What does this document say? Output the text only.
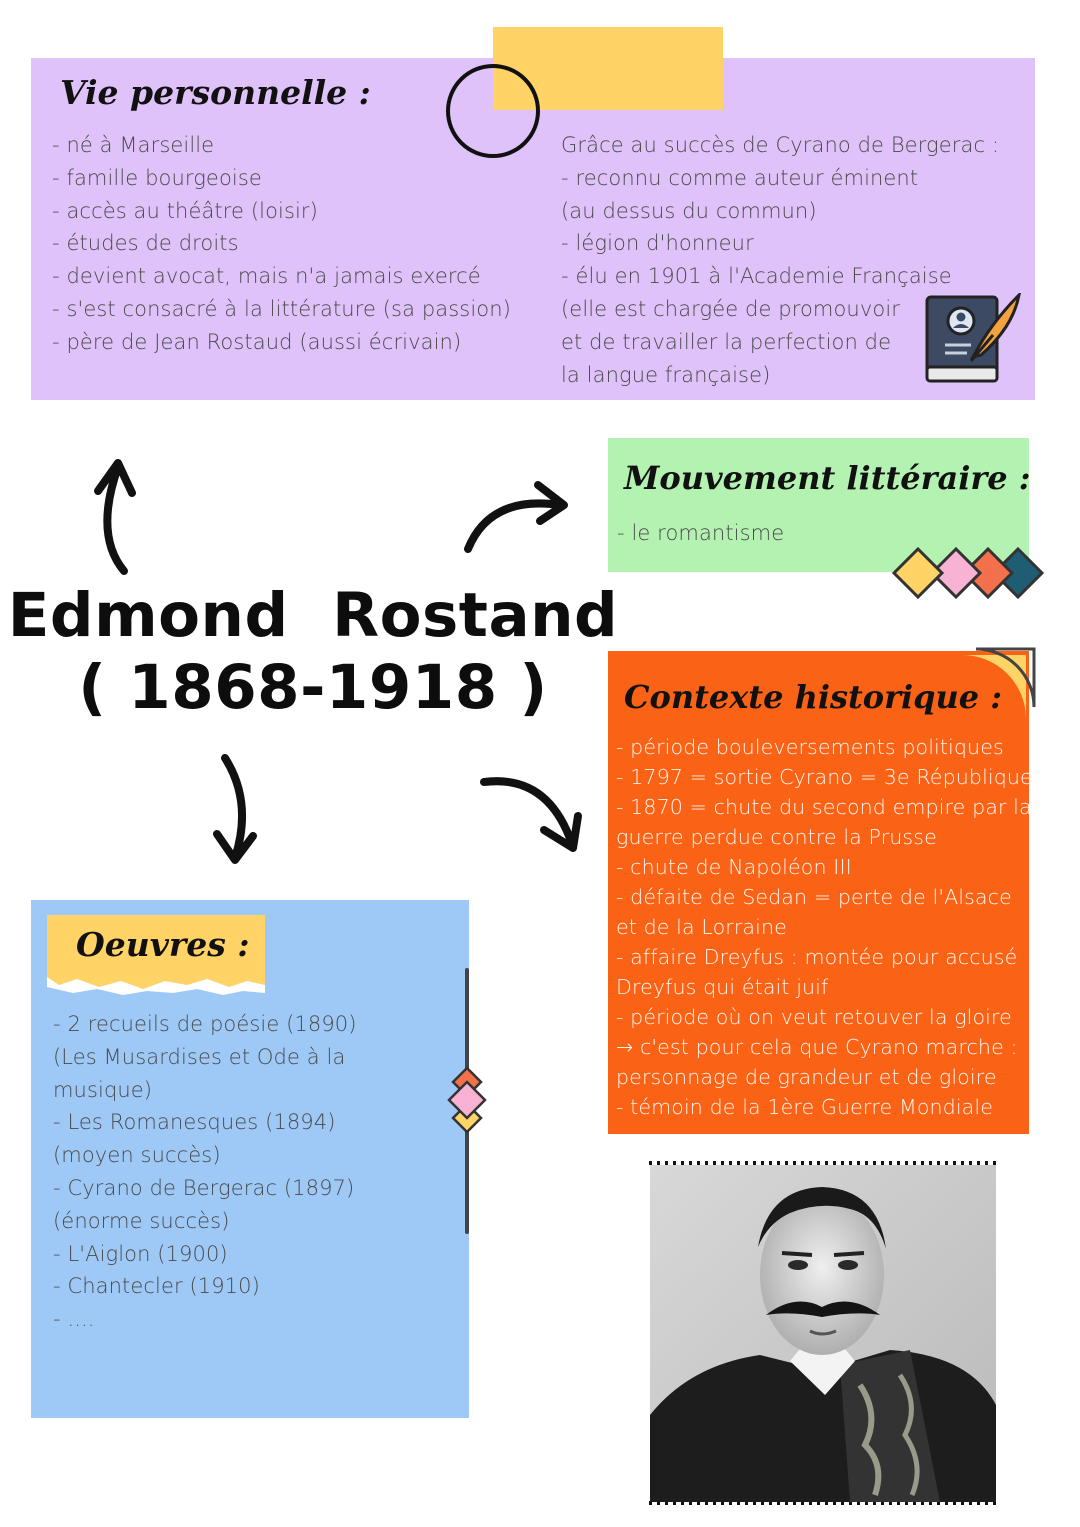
Vie personnelle :
- né à Marseille
- famille bourgeoise
- accès au théâtre (loisir)
- études de droits
- devient avocat, mais n'a jamais exercé
- s'est consacré à la littérature (sa passion)
- père de Jean Rostaud (aussi écrivain)
Grâce au succès de Cyrano de Bergerac :
- reconnu comme auteur éminent
(au dessus du commun)
- légion d'honneur
- élu en 1901 à l'Academie Française
(elle est chargée de promouvoir
et de travailler la perfection de
la langue française)
Edmond  Rostand
( 1868-1918 )
Mouvement littéraire :
- le romantisme
Contexte historique :
- période bouleversements politiques
- 1797 = sortie Cyrano = 3e République
- 1870 = chute du second empire par la
guerre perdue contre la Prusse
- chute de Napoléon III
- défaite de Sedan = perte de l'Alsace
et de la Lorraine
- affaire Dreyfus : montée pour accusé
Dreyfus qui était juif
- période où on veut retouver la gloire
→ c'est pour cela que Cyrano marche :
personnage de grandeur et de gloire
- témoin de la 1ère Guerre Mondiale
Oeuvres :
- 2 recueils de poésie (1890)
(Les Musardises et Ode à la
musique)
- Les Romanesques (1894)
(moyen succès)
- Cyrano de Bergerac (1897)
(énorme succès)
- L'Aiglon (1900)
- Chantecler (1910)
- ....
